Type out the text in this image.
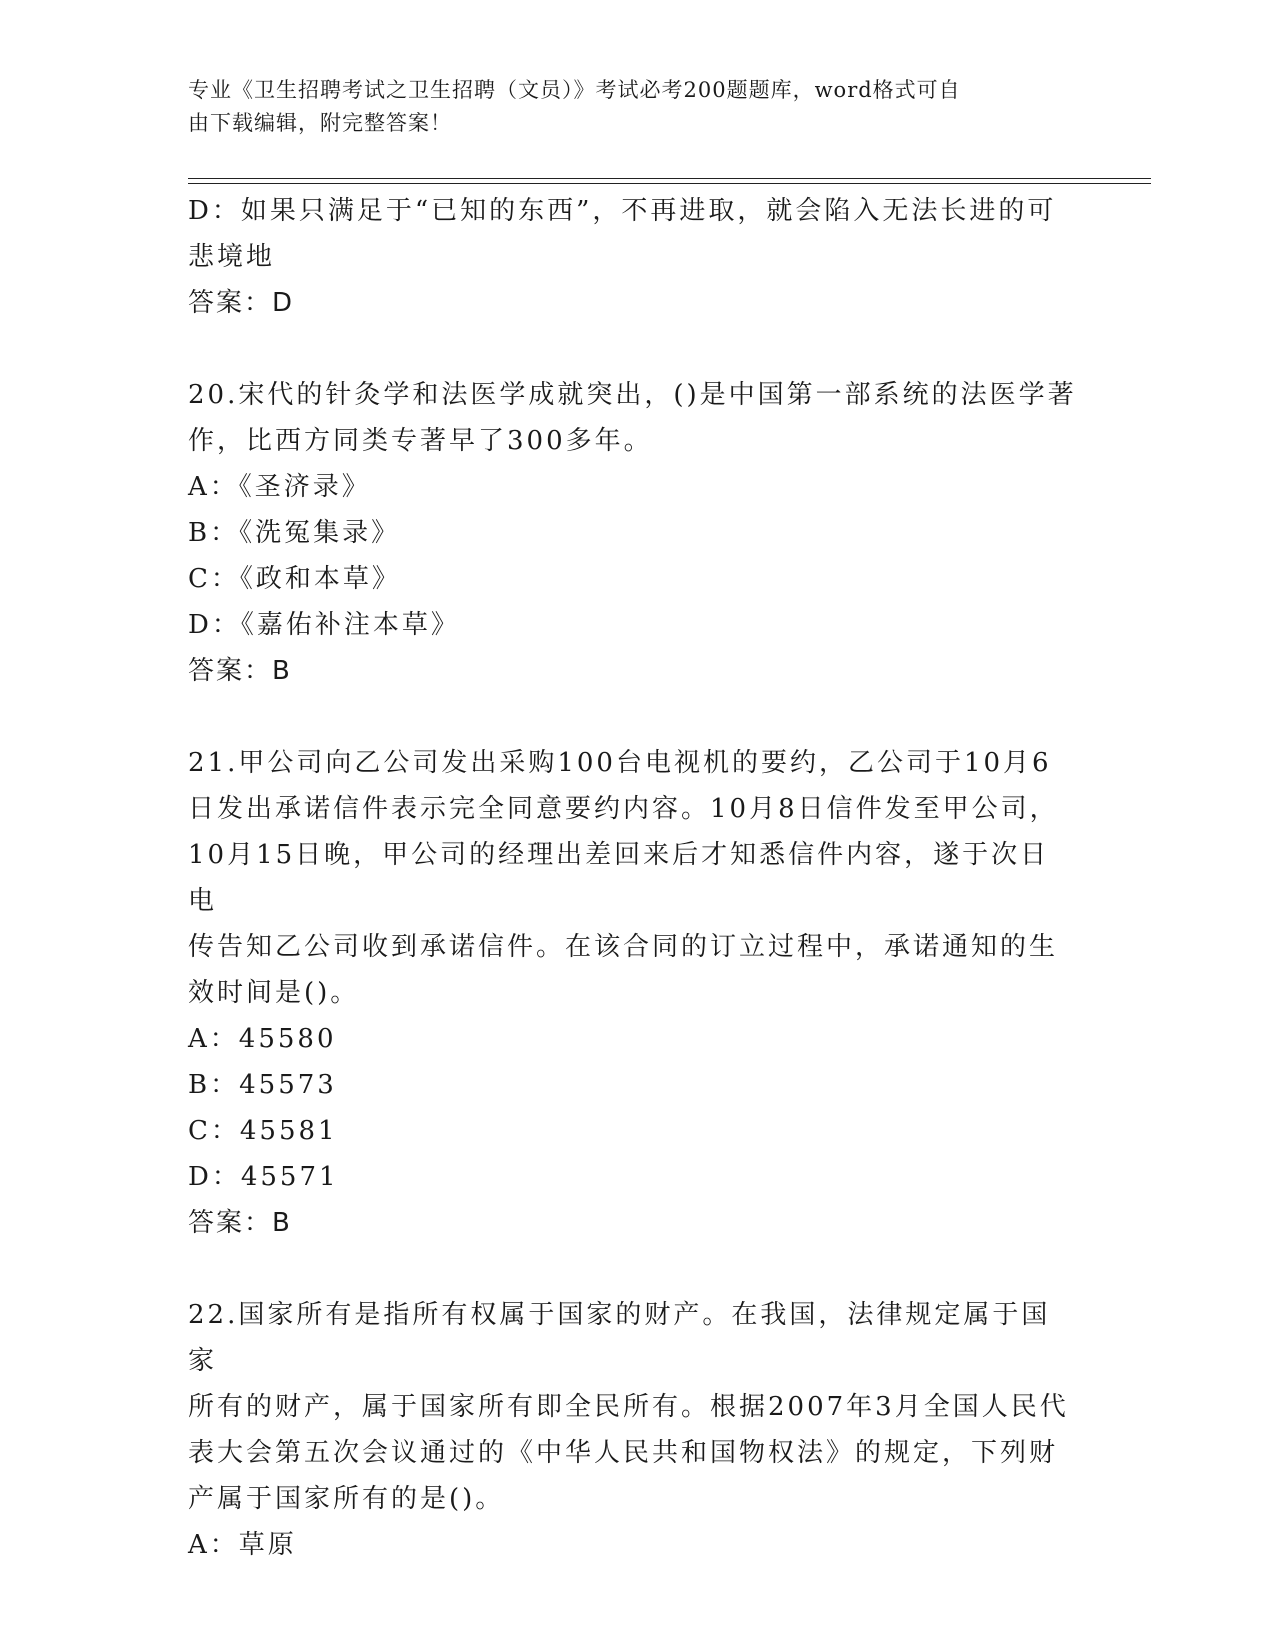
专业《卫生招聘考试之卫生招聘（文员）》考试必考200题题库，word格式可自
由下载编辑，附完整答案！

D：如果只满足于“已知的东西”，不再进取，就会陷入无法长进的可

悲境地

答案：D

20.宋代的针灸学和法医学成就突出，()是中国第一部系统的法医学著

作，比西方同类专著早了300多年。

A：《圣济录》

B：《洗冤集录》

C：《政和本草》

D：《嘉佑补注本草》

答案：B

21.甲公司向乙公司发出采购100台电视机的要约，乙公司于10月6

日发出承诺信件表示完全同意要约内容。10月8日信件发至甲公司，

10月15日晚，甲公司的经理出差回来后才知悉信件内容，遂于次日电

传告知乙公司收到承诺信件。在该合同的订立过程中，承诺通知的生

效时间是()。

A：45580

B：45573

C：45581

D：45571

答案：B

22.国家所有是指所有权属于国家的财产。在我国，法律规定属于国家

所有的财产，属于国家所有即全民所有。根据2007年3月全国人民代

表大会第五次会议通过的《中华人民共和国物权法》的规定，下列财

产属于国家所有的是()。

A：草原
